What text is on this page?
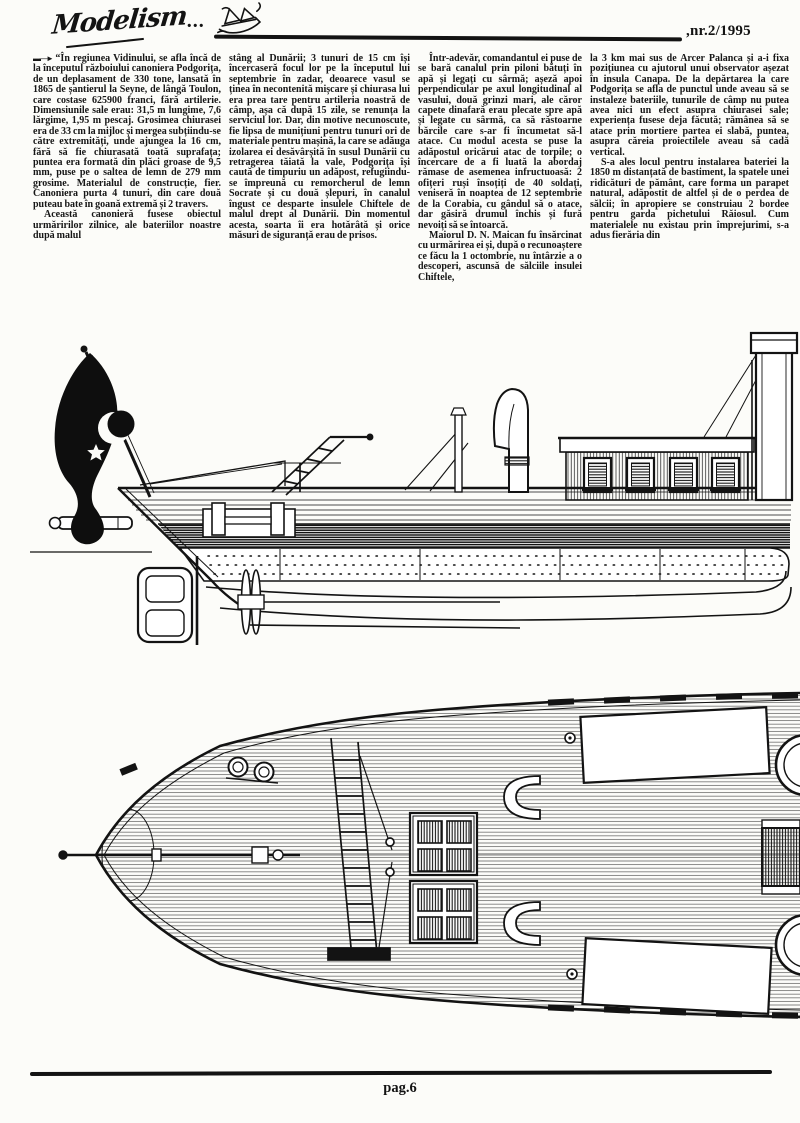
Modelism...	,nr.2/1995

▬―► “În regiunea Vidinului, se afla încă de la începutul războiului canoniera Podgorița, de un deplasament de 330 tone, lansată în 1865 de șantierul la Seyne, de lângă Toulon, care costase 625900 franci, fără artilerie. Dimensiunile sale erau: 31,5 m lungime, 7,6 lărgime, 1,95 m pescaj. Grosimea chiurasei era de 33 cm la mijloc și mergea subțiindu-se către extremități, unde ajungea la 16 cm, fără să fie chiurasată toată suprafața; puntea era formată din plăci groase de 9,5 mm, puse pe o saltea de lemn de 279 mm grosime. Materialul de construcție, fier. Canoniera purta 4 tunuri, din care două puteau bate în goană extremă și 2 travers.

Această canonieră fusese obiectul urmăririlor zilnice, ale bateriilor noastre după malul

stâng al Dunării; 3 tunuri de 15 cm își încercaseră focul lor pe la începutul lui septembrie în zadar, deoarece vasul se ținea în necontenită mișcare și chiurasa lui era prea tare pentru artileria noastră de câmp, așa că după 15 zile, se renunța la serviciul lor. Dar, din motive necunoscute, fie lipsa de munițiuni pentru tunuri ori de materiale pentru mașină, la care se adăuga izolarea ei desăvârșită în susul Dunării cu retragerea tăiată la vale, Podgorița își caută de timpuriu un adăpost, refugiindu-se împreună cu remorcherul de lemn Socrate și cu două șlepuri, în canalul îngust ce desparte insulele Chiftele de malul drept al Dunării. Din momentul acesta, soarta îi era hotărâtă și orice măsuri de siguranță erau de prisos.

Într-adevăr, comandantul ei puse de se bară canalul prin piloni bătuți în apă și legați cu sârmă; așeză apoi perpendicular pe axul longitudinal al vasului, două grinzi mari, ale căror capete dinafară erau plecate spre apă și legate cu sârmă, ca să răstoarne bărcile care s-ar fi încumetat să-l atace. Cu modul acesta se puse la adăpostul oricărui atac de torpile; o încercare de a fi luată la abordaj rămase de asemenea infructuoasă: 2 ofițeri ruși însoțiți de 40 soldați, veniseră în noaptea de 12 septembrie de la Corabia, cu gândul să o atace, dar găsiră drumul închis și fură nevoiți să se întoarcă.

Maiorul D. N. Maican fu însărcinat cu urmărirea ei și, după o recunoaștere ce făcu la 1 octombrie, nu întârzie a o descoperi, ascunsă de sălciile insulei Chiftele,

la 3 km mai sus de Arcer Palanca și a-i fixa pozițiunea cu ajutorul unui observator așezat în insula Canapa. De la depărtarea la care Podgorița se afla de punctul unde aveau să se instaleze bateriile, tunurile de câmp nu putea avea nici un efect asupra chiurasei sale; experiența fusese deja făcută; rămânea să se atace prin mortiere partea ei slabă, puntea, asupra căreia proiectilele aveau să cadă vertical.

S-a ales locul pentru instalarea bateriei la 1850 m distanțată de bastiment, la spatele unei ridicături de pământ, care forma un parapet natural, adăpostit de altfel și de o perdea de sălcii; în apropiere se construiau 2 bordee pentru garda pichetului Răiosul. Cum materialele nu existau prin împrejurimi, s-a adus fierăria din

pag.6
